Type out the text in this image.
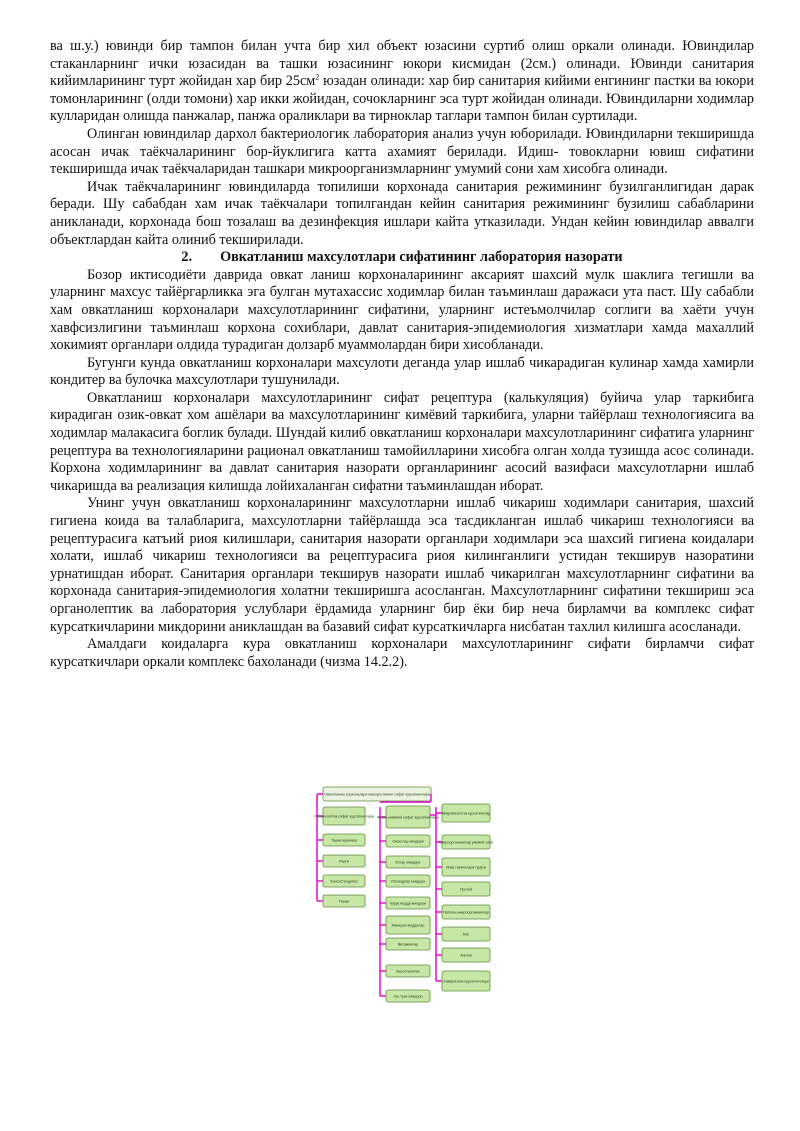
ва ш.у.) ювинди бир тампон билан учта бир хил объект юзасини суртиб олиш оркали олинади. Ювиндилар стаканларнинг ички юзасидан ва ташки юзасининг юкори кисмидан (2см.) олинади. Ювинди санитария кийимларининг турт жойидан хар бир $25см^2$ юзадан олинади: хар бир санитария кийими енгининг пастки ва юкори томонларининг (олди томони) хар икки жойидан, сочокларнинг эса турт жойидан олинади. Ювиндиларни ходимлар кулларидан олишда панжалар, панжа ораликлари ва тирноклар таглари тампон билан суртилади.

Олинган ювиндилар дархол бактериологик лаборатория анализ учун юборилади. Ювиндиларни текширишда асосан ичак таёкчаларининг бор-йуклигига катта ахамият берилади. Идиш- товокларни ювиш сифатини текширишда ичак таёкчаларидан ташкари микроорганизмларнинг умумий сони хам хисобга олинади.

Ичак таёкчаларининг ювиндиларда топилиши корхонада санитария режимининг бузилганлигидан дарак беради. Шу сабабдан хам ичак таёкчалари топилгандан кейин санитария режимининг бузилиш сабабларини аникланади, корхонада бош тозалаш ва дезинфекция ишлари кайта утказилади. Ундан кейин ювиндилар аввалги объектлардан кайта олиниб текширилади.

2. Овкатланиш махсулотлари сифатининг лаборатория назорати

Бозор иктисодиёти даврида овкат ланиш корхоналарининг аксарият шахсий мулк шаклига тегишли ва уларнинг махсус тайёргарликка эга булган мутахассис ходимлар билан таъминлаш даражаси ута паст. Шу сабабли хам овкатланиш корхоналари махсулотларининг сифатини, уларнинг истеъмолчилар соглиги ва хаёти учун хавфсизлигини таъминлаш корхона сохиблари, давлат санитария-эпидемиология хизматлари хамда махаллий хокимият органлари олдида турадиган долзарб муаммолардан бири хисобланади.

Бугунги кунда овкатланиш корхоналари махсулоти деганда улар ишлаб чикарадиган кулинар хамда хамирли кондитер ва булочка махсулотлари тушунилади.

Овкатланиш корхоналари махсулотларининг сифат рецептура (калькуляция) буйича улар таркибига кирадиган озик-овкат хом ашёлари ва махсулотларининг кимёвий таркибига, уларни тайёрлаш технологиясига ва ходимлар малакасига боглик булади. Шундай килиб овкатланиш корхоналари махсулотларининг сифатига уларнинг рецептура ва технологияларини рационал овкатланиш тамойилларини хисобга олган холда тузишда асос солинади. Корхона ходимларининг ва давлат санитария назорати органларининг асосий вазифаси махсулотларни ишлаб чикаришда ва реализация килишда лойихаланган сифатни таъминлашдан иборат.

Унинг учун овкатланиш корхоналарининг махсулотларни ишлаб чикариш ходимлари санитария, шахсий гигиена коида ва талабларига, махсулотларни тайёрлашда эса тасдикланган ишлаб чикариш технологияси ва рецептурасига катъий риоя килишлари, санитария назорати органлари ходимлари эса шахсий гигиена коидалари холати, ишлаб чикариш технологияси ва рецептурасига риоя килинганлиги устидан текширув назоратини урнатишдан иборат. Санитария органлари текширув назорати ишлаб чикарилган махсулотларнинг сифатини ва корхонада санитария-эпидемиология холатни текширишга асосланган. Махсулотларнинг сифатини текшириш эса органолептик ва лаборатория услублари ёрдамида уларнинг бир ёки бир неча бирламчи ва комплекс сифат курсаткичларини микдорини аниклашдан ва базавий сифат курсаткичларга нисбатан тахлил килишга асосланади.

Амалдаги коидаларга кура овкатланиш корхоналари махсулотларининг сифати бирламчи сифат курсаткичлари оркали комплекс бахоланади (чизма 14.2.2).

Овкатланиш корхоналари махсулотининг сифат курсаткичлари
Органолептик сифат курсаткичлари
Ташки куриниш
Ранги
Консистенцияси
Таъми
Физик-кимёвий сифат курсаткичлари
Оксиллар микдори
Ёглар микдори
Углеводлар микдори
Куруқ модда микдори
Минерал моддалар
Витаминлар
Кислоталилик
Ош тузи микдори
Микробиологик курсаткичлар
Микроорганизмлар умумий сони
Ичак таёкчалари гурухи
Протей
Патоген микроорганизмлар
Мог
Ачитки
Хавфсизлик курсаткичлари
